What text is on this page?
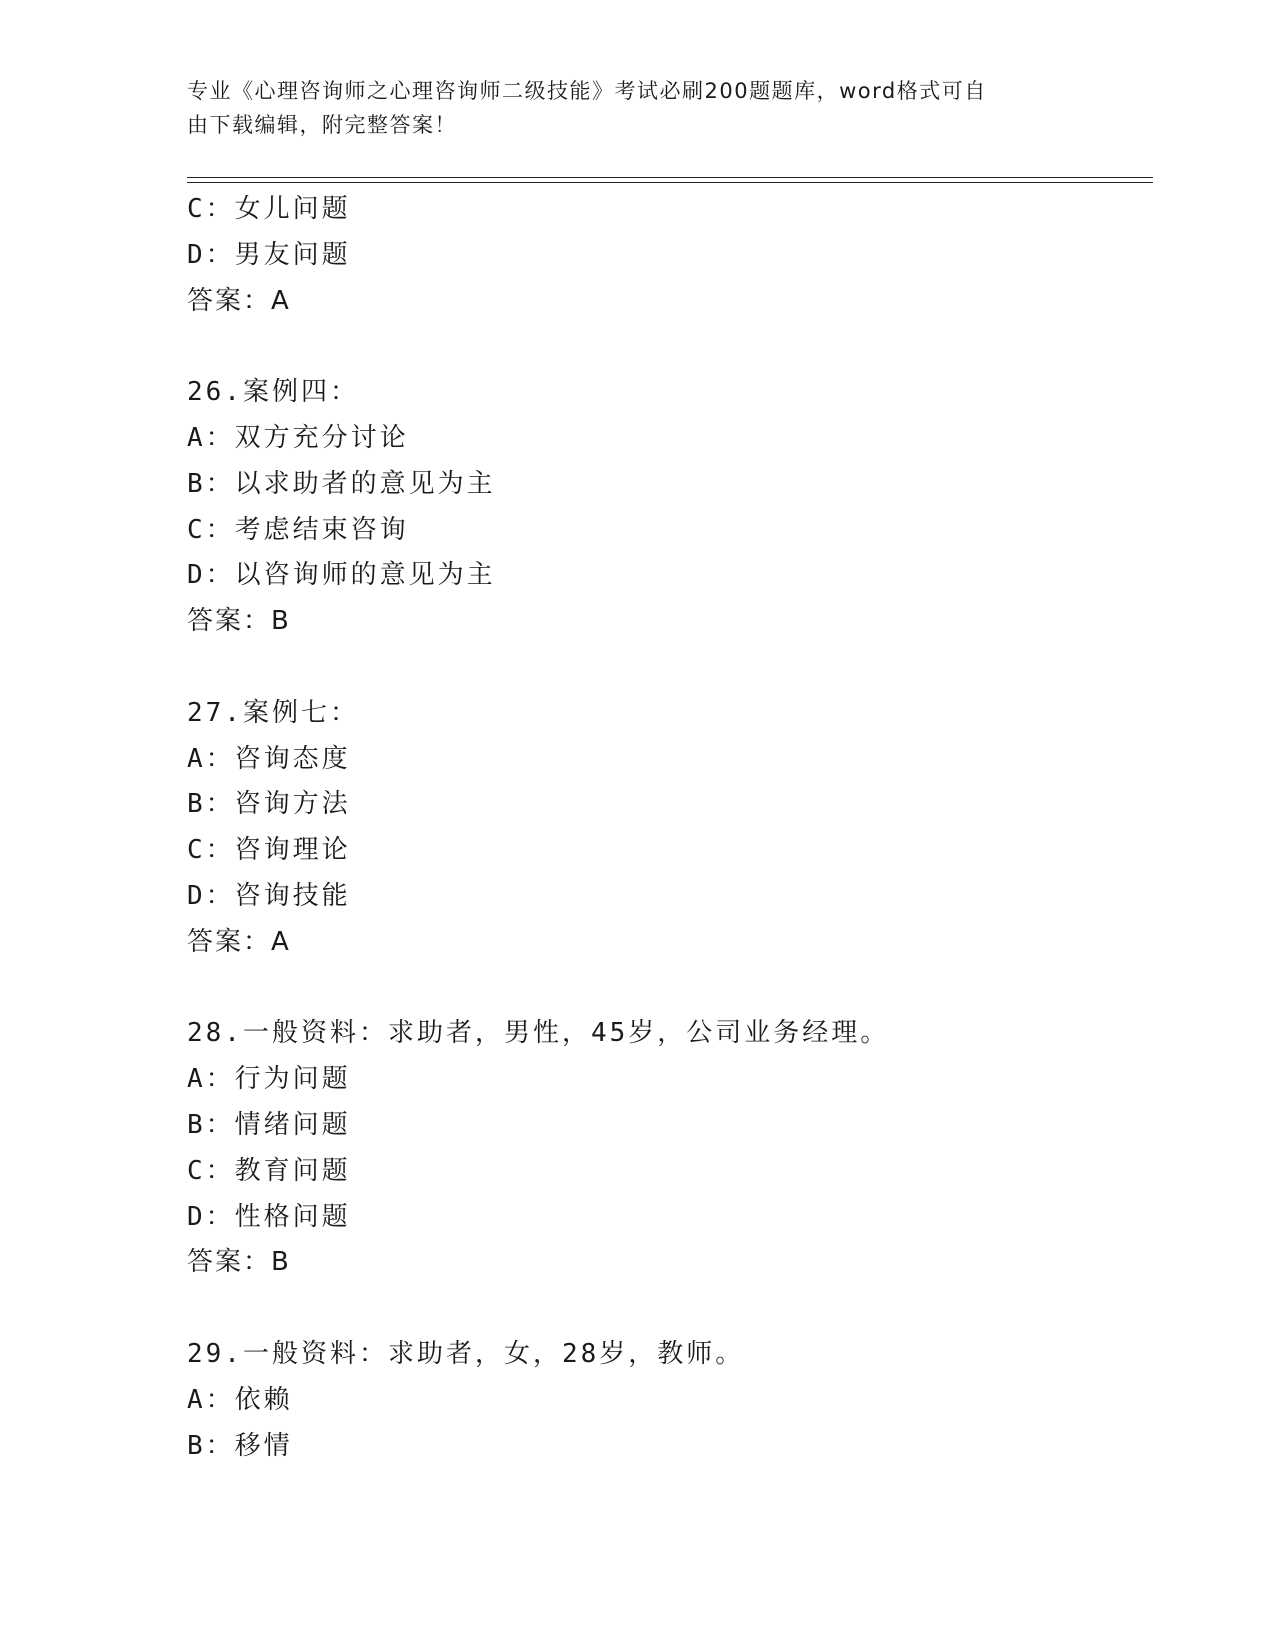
专业《心理咨询师之心理咨询师二级技能》考试必刷200题题库，word格式可自
由下载编辑，附完整答案！
C：女儿问题
D：男友问题
答案：A
26.案例四：
A：双方充分讨论
B：以求助者的意见为主
C：考虑结束咨询
D：以咨询师的意见为主
答案：B
27.案例七：
A：咨询态度
B：咨询方法
C：咨询理论
D：咨询技能
答案：A
28.一般资料：求助者，男性，45岁，公司业务经理。
A：行为问题
B：情绪问题
C：教育问题
D：性格问题
答案：B
29.一般资料：求助者，女，28岁，教师。
A：依赖
B：移情
